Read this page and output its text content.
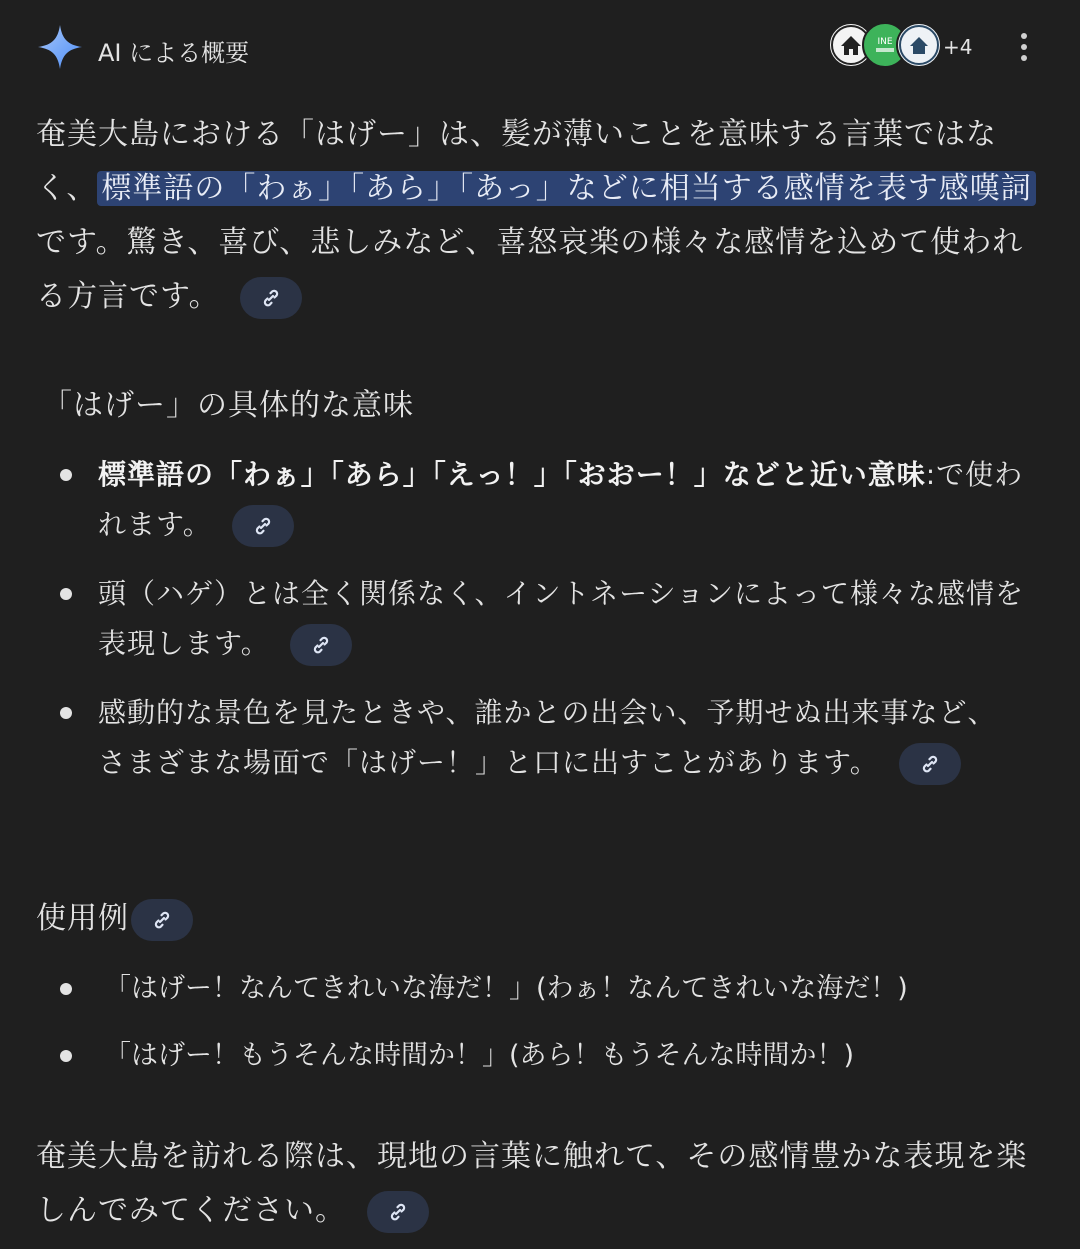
AI による概要	INE	+4
奄美大島における「はげー」は、髪が薄いことを意味する言葉ではなく、 標準語の「わぁ」「あら」「あっ」などに相当する感情を表す感嘆詞です。驚き、喜び、悲しみなど、喜怒哀楽の様々な感情を込めて使われる方言です。
「はげー」の具体的な意味
標準語の「わぁ」「あら」「えっ！」「おおー！」などと近い意味:で使われます。
頭（ハゲ）とは全く関係なく、イントネーションによって様々な感情を表現します。
感動的な景色を見たときや、誰かとの出会い、予期せぬ出来事など、さまざまな場面で「はげー！」と口に出すことがあります。
使用例
「はげー！なんてきれいな海だ！」(わぁ！なんてきれいな海だ！)
「はげー！もうそんな時間か！」(あら！もうそんな時間か！)
奄美大島を訪れる際は、現地の言葉に触れて、その感情豊かな表現を楽しんでみてください。
